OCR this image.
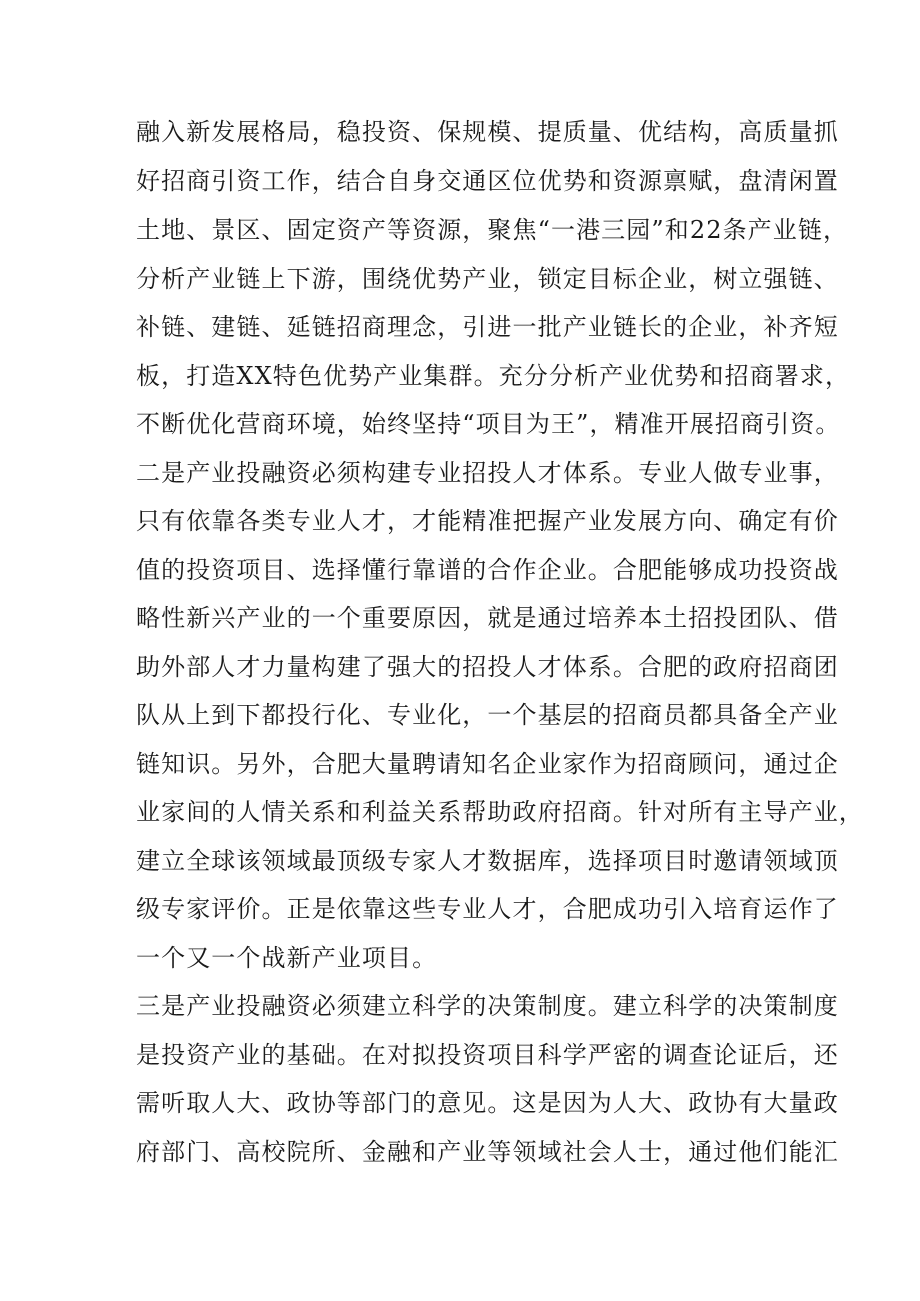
融入新发展格局，稳投资、保规模、提质量、优结构，高质量抓
好招商引资工作，结合自身交通区位优势和资源禀赋，盘清闲置
土地、景区、固定资产等资源，聚焦“一港三园”和22条产业链，
分析产业链上下游，围绕优势产业，锁定目标企业，树立强链、
补链、建链、延链招商理念，引进一批产业链长的企业，补齐短
板，打造XX特色优势产业集群。充分分析产业优势和招商署求，
不断优化营商环境，始终坚持“项目为王”，精准开展招商引资。
二是产业投融资必须构建专业招投人才体系。专业人做专业事，
只有依靠各类专业人才，才能精准把握产业发展方向、确定有价
值的投资项目、选择懂行靠谱的合作企业。合肥能够成功投资战
略性新兴产业的一个重要原因，就是通过培养本土招投团队、借
助外部人才力量构建了强大的招投人才体系。合肥的政府招商团
队从上到下都投行化、专业化，一个基层的招商员都具备全产业
链知识。另外，合肥大量聘请知名企业家作为招商顾问，通过企
业家间的人情关系和利益关系帮助政府招商。针对所有主导产业，
建立全球该领域最顶级专家人才数据库，选择项目时邀请领域顶
级专家评价。正是依靠这些专业人才，合肥成功引入培育运作了
一个又一个战新产业项目。
三是产业投融资必须建立科学的决策制度。建立科学的决策制度
是投资产业的基础。在对拟投资项目科学严密的调查论证后，还
需听取人大、政协等部门的意见。这是因为人大、政协有大量政
府部门、高校院所、金融和产业等领域社会人士，通过他们能汇
